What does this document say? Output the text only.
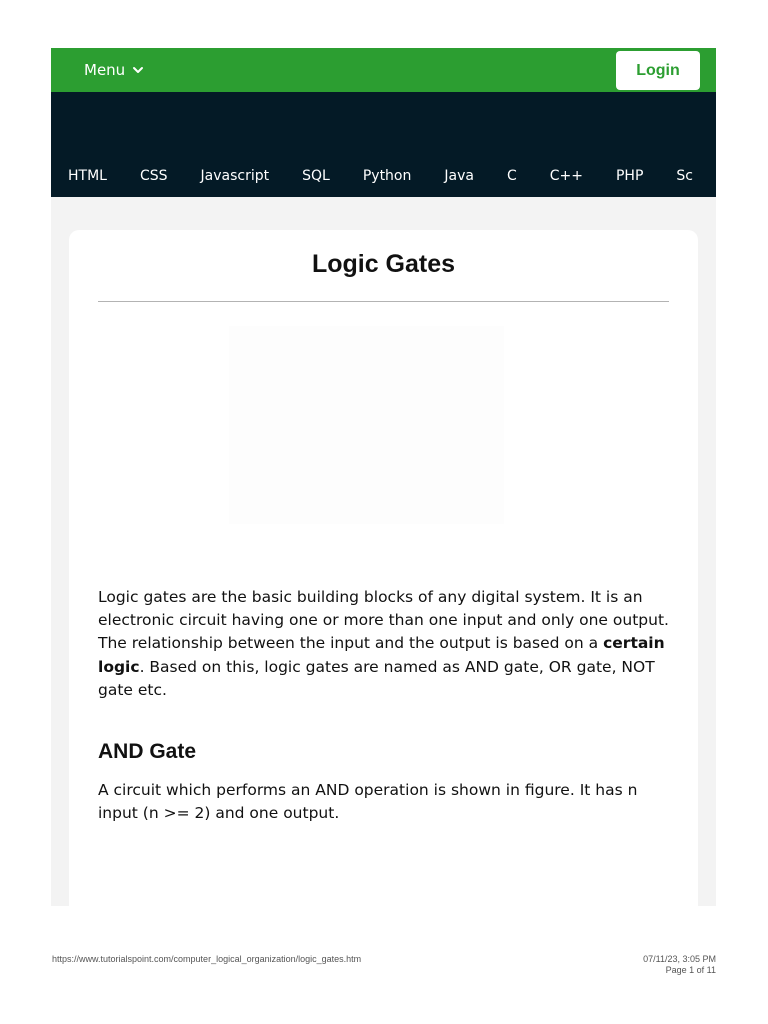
Menu	Login
HTML CSS Javascript SQL Python Java C C++ PHP Sc
Logic Gates

Logic gates are the basic building blocks of any digital system. It is an electronic circuit having one or more than one input and only one output. The relationship between the input and the output is based on a certain logic. Based on this, logic gates are named as AND gate, OR gate, NOT gate etc.

AND Gate

A circuit which performs an AND operation is shown in figure. It has n input (n >= 2) and one output.

https://www.tutorialspoint.com/computer_logical_organization/logic_gates.htm	07/11/23, 3:05 PM
Page 1 of 11
